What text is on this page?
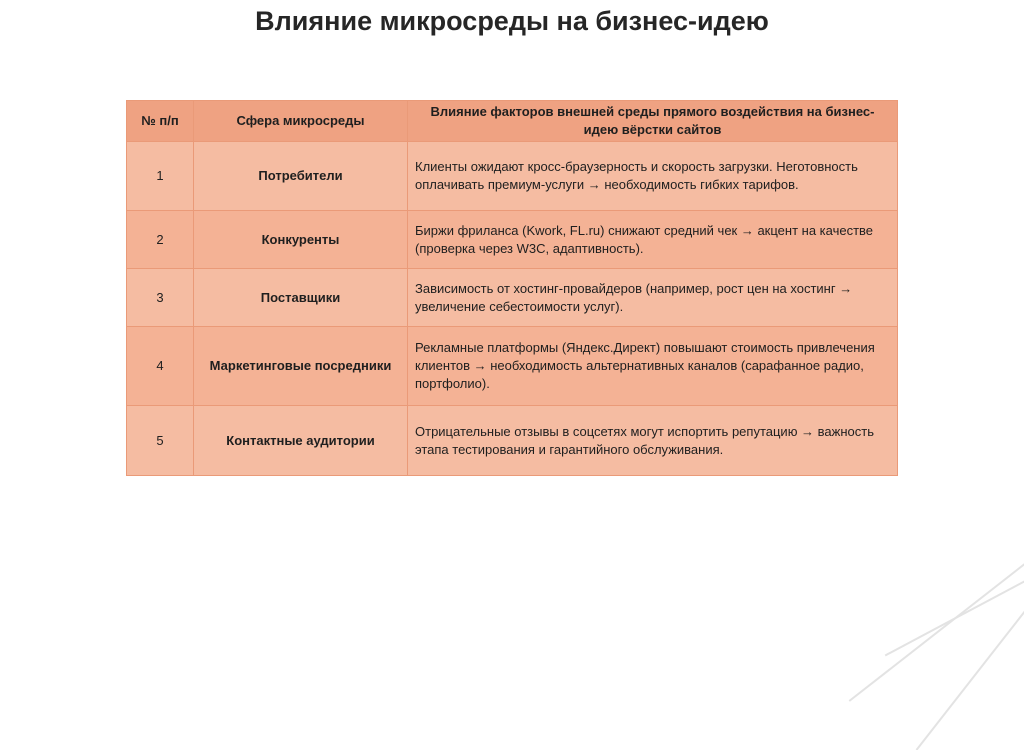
Влияние микросреды на бизнес-идею
№ п/п	Сфера микросреды	Влияние факторов внешней среды прямого воздействия на бизнес-идею вёрстки сайтов
1	Потребители	Клиенты ожидают кросс-браузерность и скорость загрузки. Неготовность оплачивать премиум-услуги → необходимость гибких тарифов.
2	Конкуренты	Биржи фриланса (Kwork, FL.ru) снижают средний чек → акцент на качестве (проверка через W3C, адаптивность).
3	Поставщики	Зависимость от хостинг-провайдеров (например, рост цен на хостинг → увеличение себестоимости услуг).
4	Маркетинговые посредники	Рекламные платформы (Яндекс.Директ) повышают стоимость привлечения клиентов → необходимость альтернативных каналов (сарафанное радио, портфолио).
5	Контактные аудитории	Отрицательные отзывы в соцсетях могут испортить репутацию → важность этапа тестирования и гарантийного обслуживания.
